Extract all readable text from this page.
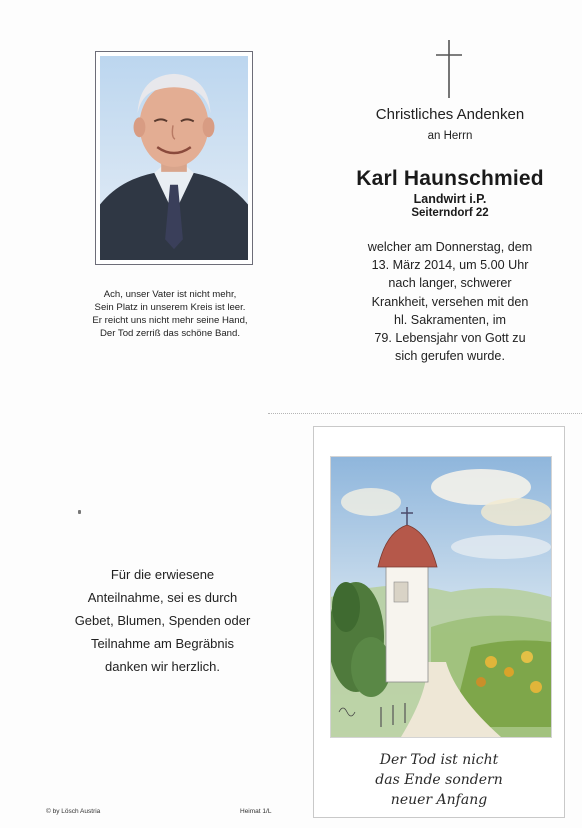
Ach, unser Vater ist nicht mehr,
Sein Platz in unserem Kreis ist leer.
Er reicht uns nicht mehr seine Hand,
Der Tod zerriß das schöne Band.
Christliches Andenken
an Herrn
Karl Haunschmied
Landwirt i.P.
Seiterndorf 22
welcher am Donnerstag, dem
13. März 2014, um 5.00 Uhr
nach langer, schwerer
Krankheit, versehen mit den
hl. Sakramenten, im
79. Lebensjahr von Gott zu
sich gerufen wurde.
Für die erwiesene
Anteilnahme, sei es durch
Gebet, Blumen, Spenden oder
Teilnahme am Begräbnis
danken wir herzlich.
Der Tod ist nicht
das Ende sondern
neuer Anfang
© by Lösch Austria	Heimat 1/L
